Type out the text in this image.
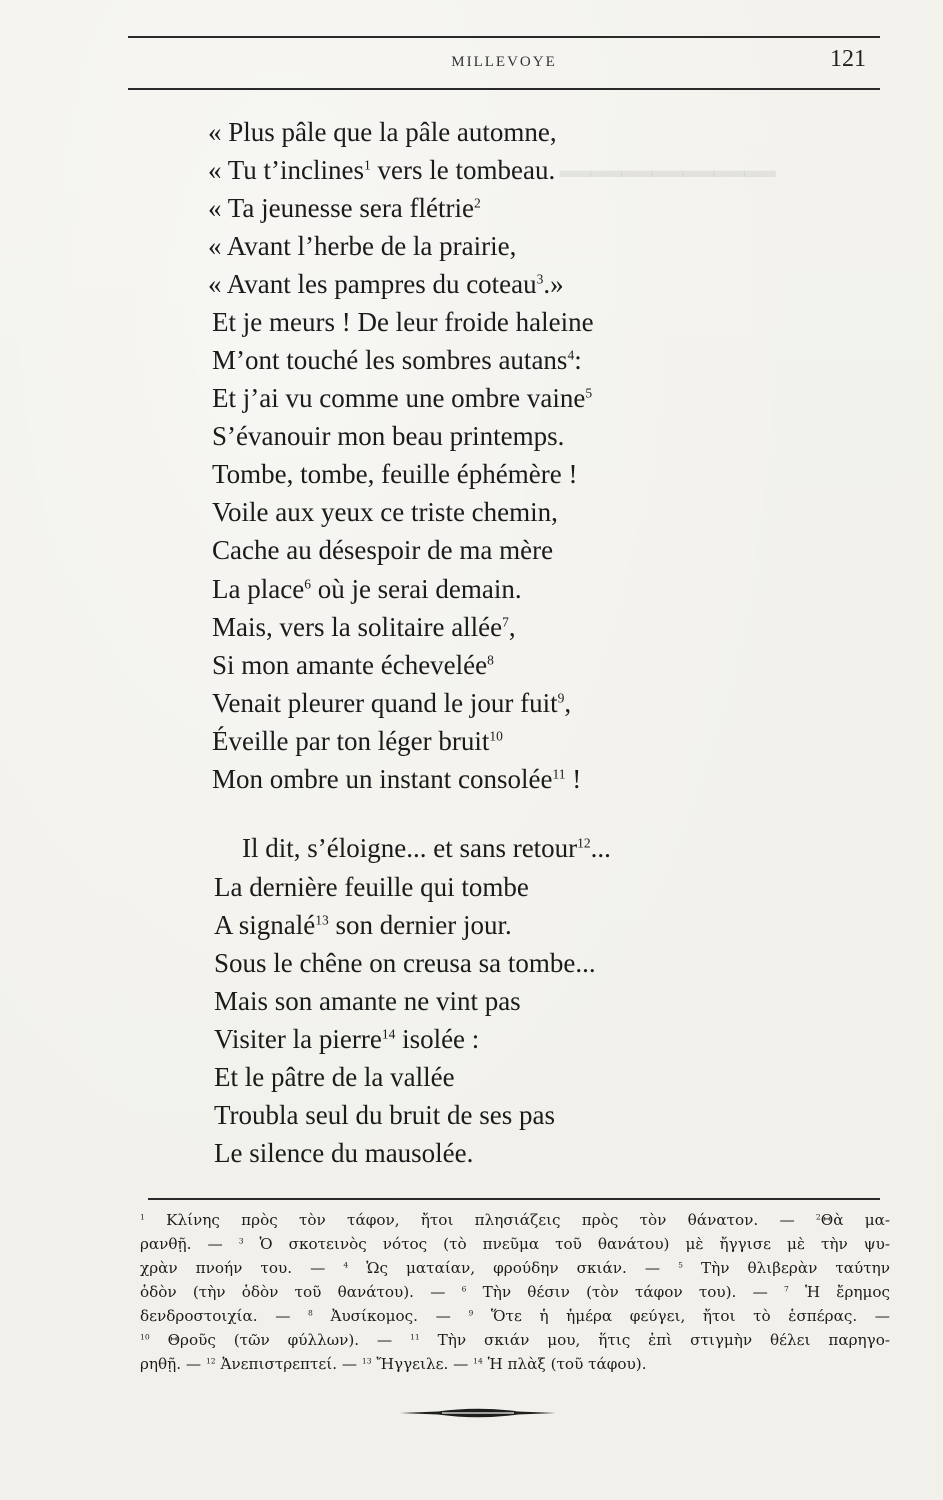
▁▁▁▁▁▁▁
MILLEVOYE	121
« Plus pâle que la pâle automne,
« Tu t’inclines$^1$ vers le tombeau.
« Ta jeunesse sera flétrie$^2$
« Avant l’herbe de la prairie,
« Avant les pampres du coteau$^3$.»
Et je meurs ! De leur froide haleine
M’ont touché les sombres autans$^4$:
Et j’ai vu comme une ombre vaine$^5$
S’évanouir mon beau printemps.
Tombe, tombe, feuille éphémère !
Voile aux yeux ce triste chemin,
Cache au désespoir de ma mère
La place$^6$ où je serai demain.
Mais, vers la solitaire allée$^7$,
Si mon amante échevelée$^8$
Venait pleurer quand le jour fuit$^9$,
Éveille par ton léger bruit$^{10}$
Mon ombre un instant consolée$^{11}$ !
Il dit, s’éloigne... et sans retour$^{12}$...
La dernière feuille qui tombe
A signalé$^{13}$ son dernier jour.
Sous le chêne on creusa sa tombe...
Mais son amante ne vint pas
Visiter la pierre$^{14}$ isolée :
Et le pâtre de la vallée
Troubla seul du bruit de ses pas
Le silence du mausolée.
$^1$ Κλίνης πρὸς τὸν τάφον, ἤτοι πλησιάζεις πρὸς τὸν θάνατον. — $^2$Θὰ μα-
ρανθῇ. — $^3$ Ὁ σκοτεινὸς νότος (τὸ πνεῦμα τοῦ θανάτου) μὲ ἤγγισε μὲ τὴν ψυ-
χρὰν πνοήν του. — $^4$ Ὡς ματαίαν, φρούδην σκιάν. — $^5$ Τὴν θλιβερὰν ταύτην
ὁδὸν (τὴν ὁδὸν τοῦ θανάτου). — $^6$ Τὴν θέσιν (τὸν τάφον του). — $^7$ Ἡ ἔρημος
δενδροστοιχία. — $^8$ Ἀυσίκομος. — $^9$ Ὅτε ἡ ἡμέρα φεύγει, ἤτοι τὸ ἑσπέρας. —
$^{10}$ Θροῦς (τῶν φύλλων). — $^{11}$ Τὴν σκιάν μου, ἥτις ἐπὶ στιγμὴν θέλει παρηγο-
ρηθῇ. — $^{12}$ Ἀνεπιστρεπτεί. — $^{13}$ Ἤγγειλε. — $^{14}$ Ἡ πλὰξ (τοῦ τάφου).
